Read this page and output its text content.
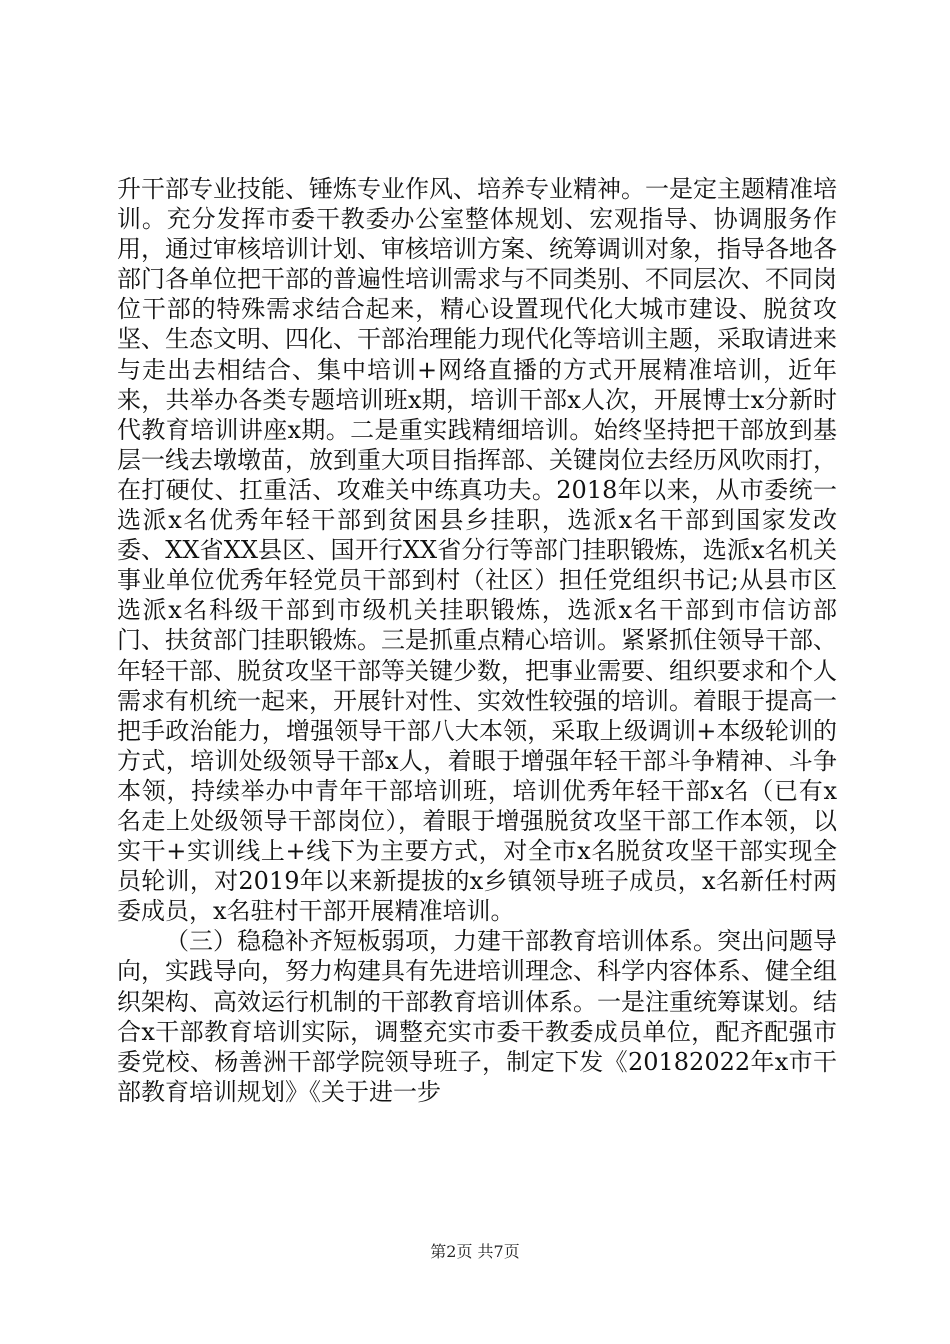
升干部专业技能、锤炼专业作风、培养专业精神。一是定主题精准培训。充分发挥市委干教委办公室整体规划、宏观指导、协调服务作用，通过审核培训计划、审核培训方案、统筹调训对象，指导各地各部门各单位把干部的普遍性培训需求与不同类别、不同层次、不同岗位干部的特殊需求结合起来，精心设置现代化大城市建设、脱贫攻坚、生态文明、四化、干部治理能力现代化等培训主题，采取请进来与走出去相结合、集中培训+网络直播的方式开展精准培训，近年来，共举办各类专题培训班x期，培训干部x人次，开展博士x分新时代教育培训讲座x期。二是重实践精细培训。始终坚持把干部放到基层一线去墩墩苗，放到重大项目指挥部、关键岗位去经历风吹雨打，在打硬仗、扛重活、攻难关中练真功夫。2018年以来，从市委统一选派x名优秀年轻干部到贫困县乡挂职，选派x名干部到国家发改委、XX省XX县区、国开行XX省分行等部门挂职锻炼，选派x名机关事业单位优秀年轻党员干部到村（社区）担任党组织书记;从县市区选派x名科级干部到市级机关挂职锻炼，选派x名干部到市信访部门、扶贫部门挂职锻炼。三是抓重点精心培训。紧紧抓住领导干部、年轻干部、脱贫攻坚干部等关键少数，把事业需要、组织要求和个人需求有机统一起来，开展针对性、实效性较强的培训。着眼于提高一把手政治能力，增强领导干部八大本领，采取上级调训+本级轮训的方式，培训处级领导干部x人，着眼于增强年轻干部斗争精神、斗争本领，持续举办中青年干部培训班，培训优秀年轻干部x名（已有x名走上处级领导干部岗位），着眼于增强脱贫攻坚干部工作本领，以实干+实训线上+线下为主要方式，对全市x名脱贫攻坚干部实现全员轮训，对2019年以来新提拔的x乡镇领导班子成员，x名新任村两委成员，x名驻村干部开展精准培训。

（三）稳稳补齐短板弱项，力建干部教育培训体系。突出问题导向，实践导向，努力构建具有先进培训理念、科学内容体系、健全组织架构、高效运行机制的干部教育培训体系。一是注重统筹谋划。结合x干部教育培训实际，调整充实市委干教委成员单位，配齐配强市委党校、杨善洲干部学院领导班子，制定下发《20182022年x市干部教育培训规划》《关于进一步

第2页 共7页
